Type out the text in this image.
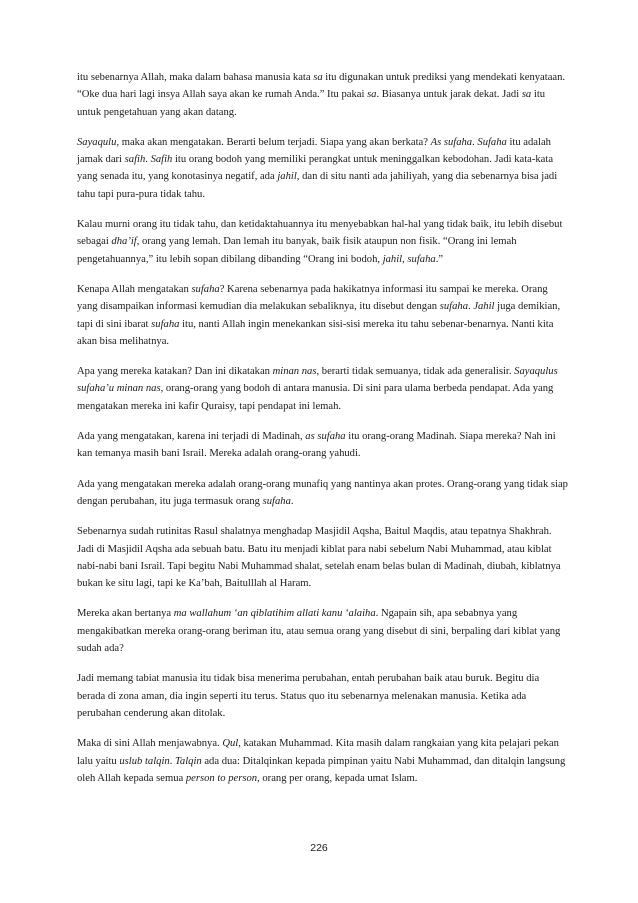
itu sebenarnya Allah, maka dalam bahasa manusia kata sa itu digunakan untuk prediksi yang mendekati kenyataan. “Oke dua hari lagi insya Allah saya akan ke rumah Anda.” Itu pakai sa. Biasanya untuk jarak dekat. Jadi sa itu untuk pengetahuan yang akan datang.

Sayaqulu, maka akan mengatakan. Berarti belum terjadi. Siapa yang akan berkata? As sufaha. Sufaha itu adalah jamak dari safih. Safih itu orang bodoh yang memiliki perangkat untuk meninggalkan kebodohan. Jadi kata-kata yang senada itu, yang konotasinya negatif, ada jahil, dan di situ nanti ada jahiliyah, yang dia sebenarnya bisa jadi tahu tapi pura-pura tidak tahu.

Kalau murni orang itu tidak tahu, dan ketidaktahuannya itu menyebabkan hal-hal yang tidak baik, itu lebih disebut sebagai dha’if, orang yang lemah. Dan lemah itu banyak, baik fisik ataupun non fisik. “Orang ini lemah pengetahuannya,” itu lebih sopan dibilang dibanding “Orang ini bodoh, jahil, sufaha.”

Kenapa Allah mengatakan sufaha? Karena sebenarnya pada hakikatnya informasi itu sampai ke mereka. Orang yang disampaikan informasi kemudian dia melakukan sebaliknya, itu disebut dengan sufaha. Jahil juga demikian, tapi di sini ibarat sufaha itu, nanti Allah ingin menekankan sisi-sisi mereka itu tahu sebenar-benarnya. Nanti kita akan bisa melihatnya.

Apa yang mereka katakan? Dan ini dikatakan minan nas, berarti tidak semuanya, tidak ada generalisir. Sayaqulus sufaha’u minan nas, orang-orang yang bodoh di antara manusia. Di sini para ulama berbeda pendapat. Ada yang mengatakan mereka ini kafir Quraisy, tapi pendapat ini lemah.

Ada yang mengatakan, karena ini terjadi di Madinah, as sufaha itu orang-orang Madinah. Siapa mereka? Nah ini kan temanya masih bani Israil. Mereka adalah orang-orang yahudi.

Ada yang mengatakan mereka adalah orang-orang munafiq yang nantinya akan protes. Orang-orang yang tidak siap dengan perubahan, itu juga termasuk orang sufaha.

Sebenarnya sudah rutinitas Rasul shalatnya menghadap Masjidil Aqsha, Baitul Maqdis, atau tepatnya Shakhrah. Jadi di Masjidil Aqsha ada sebuah batu. Batu itu menjadi kiblat para nabi sebelum Nabi Muhammad, atau kiblat nabi-nabi bani Israil. Tapi begitu Nabi Muhammad shalat, setelah enam belas bulan di Madinah, diubah, kiblatnya bukan ke situ lagi, tapi ke Ka’bah, Baitulllah al Haram.

Mereka akan bertanya ma wallahum ‘an qiblatihim allati kanu ‘alaiha. Ngapain sih, apa sebabnya yang mengakibatkan mereka orang-orang beriman itu, atau semua orang yang disebut di sini, berpaling dari kiblat yang sudah ada?

Jadi memang tabiat manusia itu tidak bisa menerima perubahan, entah perubahan baik atau buruk. Begitu dia berada di zona aman, dia ingin seperti itu terus. Status quo itu sebenarnya melenakan manusia. Ketika ada perubahan cenderung akan ditolak.

Maka di sini Allah menjawabnya. Qul, katakan Muhammad. Kita masih dalam rangkaian yang kita pelajari pekan lalu yaitu uslub talqin. Talqin ada dua: Ditalqinkan kepada pimpinan yaitu Nabi Muhammad, dan ditalqin langsung oleh Allah kepada semua person to person, orang per orang, kepada umat Islam.

226
